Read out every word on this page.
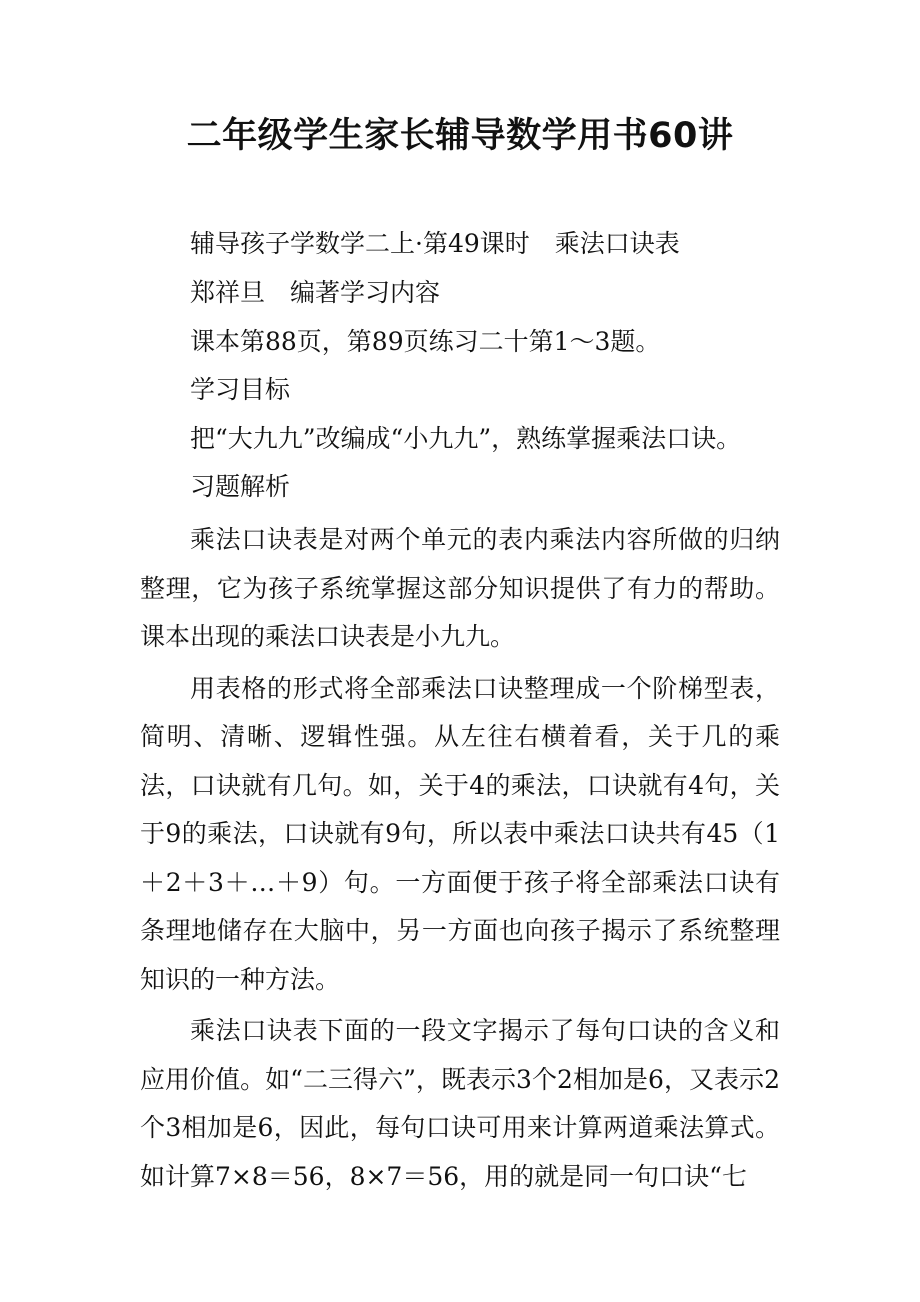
二年级学生家长辅导数学用书60讲
辅导孩子学数学二上·第49课时　乘法口诀表
郑祥旦　编著学习内容
课本第88页，第89页练习二十第1～3题。
学习目标
把“大九九”改编成“小九九”，熟练掌握乘法口诀。
习题解析

乘法口诀表是对两个单元的表内乘法内容所做的归纳整理，它为孩子系统掌握这部分知识提供了有力的帮助。课本出现的乘法口诀表是小九九。

用表格的形式将全部乘法口诀整理成一个阶梯型表，简明、清晰、逻辑性强。从左往右横着看，关于几的乘法，口诀就有几句。如，关于4的乘法，口诀就有4句，关于9的乘法，口诀就有9句，所以表中乘法口诀共有45（1＋2＋3＋…＋9）句。一方面便于孩子将全部乘法口诀有条理地储存在大脑中，另一方面也向孩子揭示了系统整理知识的一种方法。

乘法口诀表下面的一段文字揭示了每句口诀的含义和应用价值。如“二三得六”，既表示3个2相加是6，又表示2个3相加是6，因此，每句口诀可用来计算两道乘法算式。如计算7×8＝56，8×7＝56，用的就是同一句口诀“七
